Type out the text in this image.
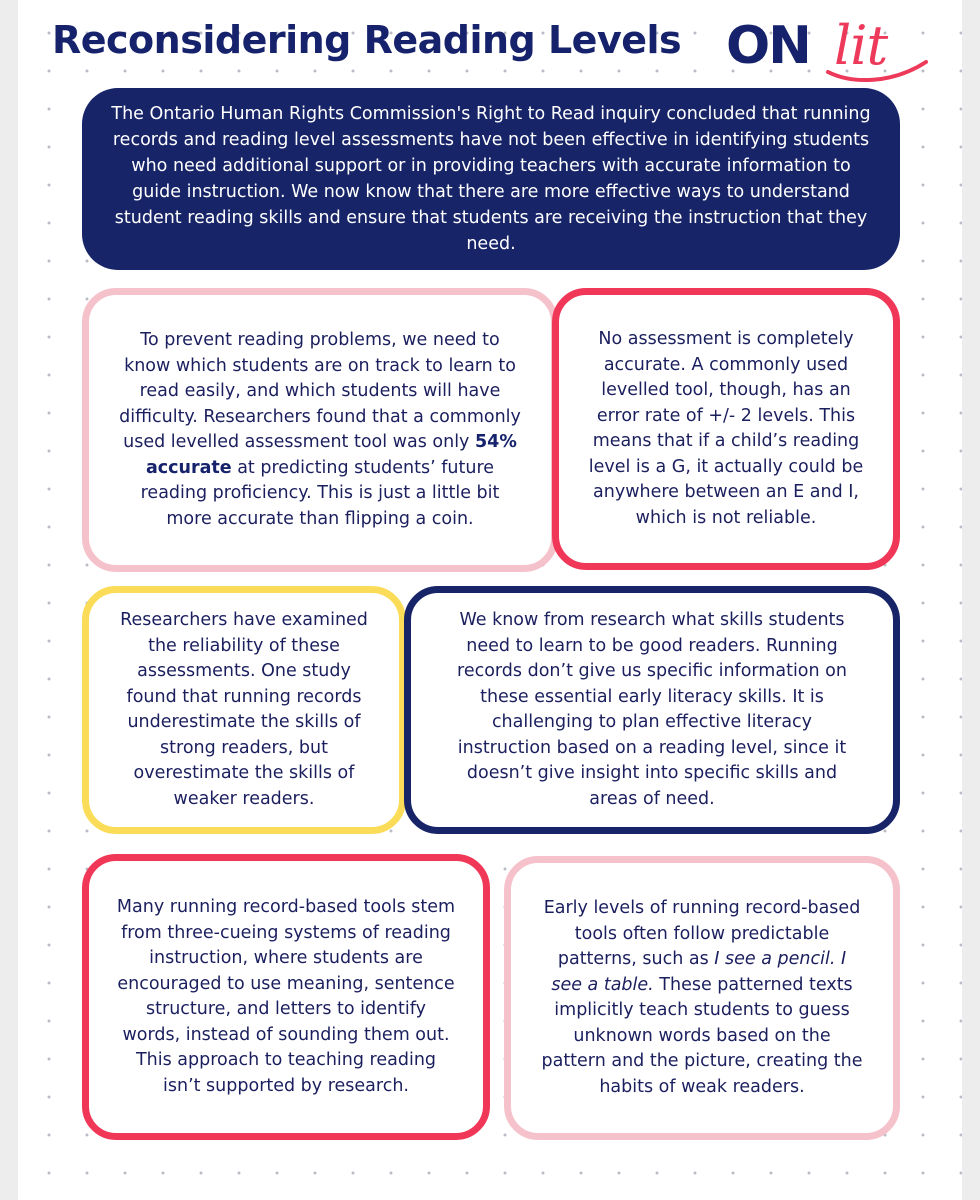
Reconsidering Reading Levels ON lit

The Ontario Human Rights Commission's Right to Read inquiry concluded that running records and reading level assessments have not been effective in identifying students who need additional support or in providing teachers with accurate information to guide instruction. We now know that there are more effective ways to understand student reading skills and ensure that students are receiving the instruction that they need.

To prevent reading problems, we need to know which students are on track to learn to read easily, and which students will have difficulty. Researchers found that a commonly used levelled assessment tool was only 54% accurate at predicting students’ future reading proficiency. This is just a little bit more accurate than flipping a coin.

No assessment is completely accurate. A commonly used levelled tool, though, has an error rate of +/- 2 levels. This means that if a child’s reading level is a G, it actually could be anywhere between an E and I, which is not reliable.

Researchers have examined the reliability of these assessments. One study found that running records underestimate the skills of strong readers, but overestimate the skills of weaker readers.

We know from research what skills students need to learn to be good readers. Running records don’t give us specific information on these essential early literacy skills. It is challenging to plan effective literacy instruction based on a reading level, since it doesn’t give insight into specific skills and areas of need.

Many running record-based tools stem from three-cueing systems of reading instruction, where students are encouraged to use meaning, sentence structure, and letters to identify words, instead of sounding them out. This approach to teaching reading isn’t supported by research.

Early levels of running record-based tools often follow predictable patterns, such as I see a pencil. I see a table. These patterned texts implicitly teach students to guess unknown words based on the pattern and the picture, creating the habits of weak readers.
